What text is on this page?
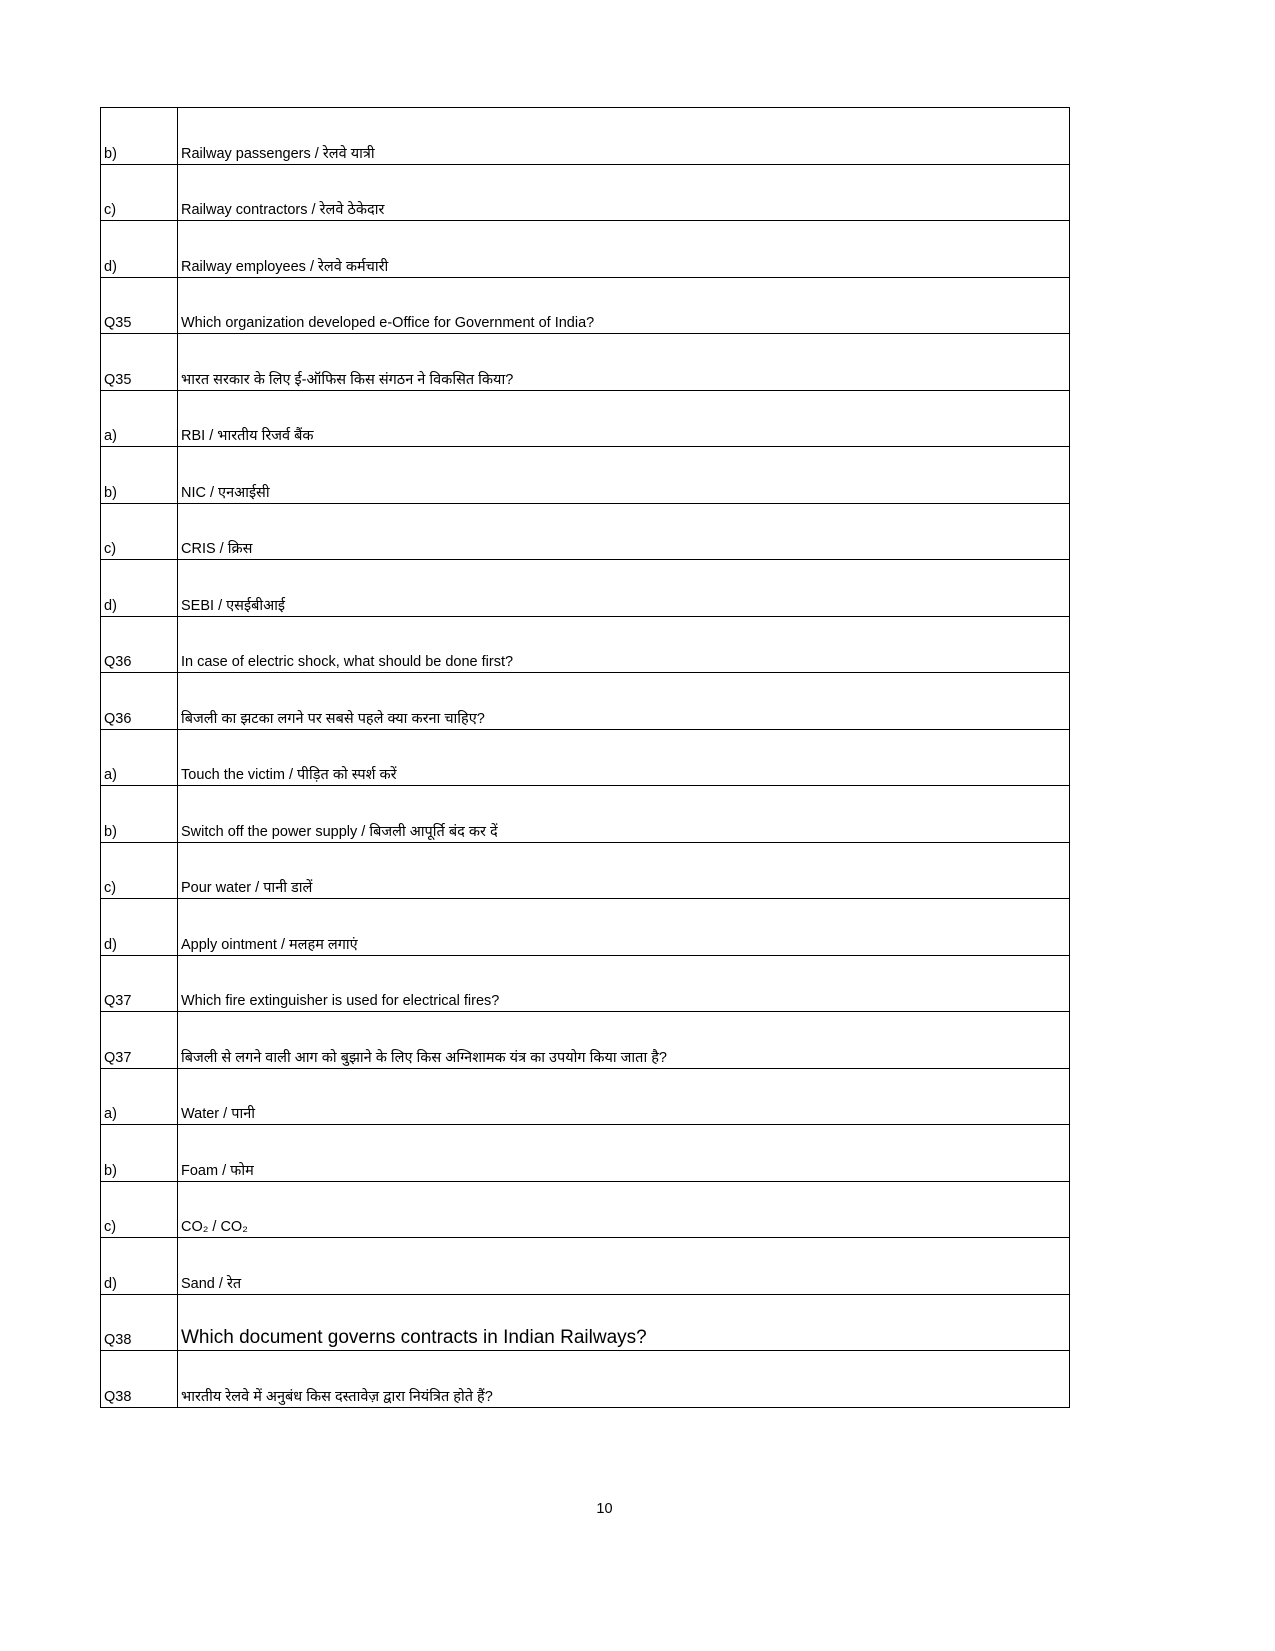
b)	Railway passengers / रेलवे यात्री
c)	Railway contractors / रेलवे ठेकेदार
d)	Railway employees / रेलवे कर्मचारी
Q35	Which organization developed e-Office for Government of India?
Q35	भारत सरकार के लिए ई-ऑफिस किस संगठन ने विकसित किया?
a)	RBI / भारतीय रिजर्व बैंक
b)	NIC / एनआईसी
c)	CRIS / क्रिस
d)	SEBI / एसईबीआई
Q36	In case of electric shock, what should be done first?
Q36	बिजली का झटका लगने पर सबसे पहले क्या करना चाहिए?
a)	Touch the victim / पीड़ित को स्पर्श करें
b)	Switch off the power supply / बिजली आपूर्ति बंद कर दें
c)	Pour water / पानी डालें
d)	Apply ointment / मलहम लगाएं
Q37	Which fire extinguisher is used for electrical fires?
Q37	बिजली से लगने वाली आग को बुझाने के लिए किस अग्निशामक यंत्र का उपयोग किया जाता है?
a)	Water / पानी
b)	Foam / फोम
c)	CO₂ / CO₂
d)	Sand / रेत
Q38	Which document governs contracts in Indian Railways?
Q38	भारतीय रेलवे में अनुबंध किस दस्तावेज़ द्वारा नियंत्रित होते हैं?
10
